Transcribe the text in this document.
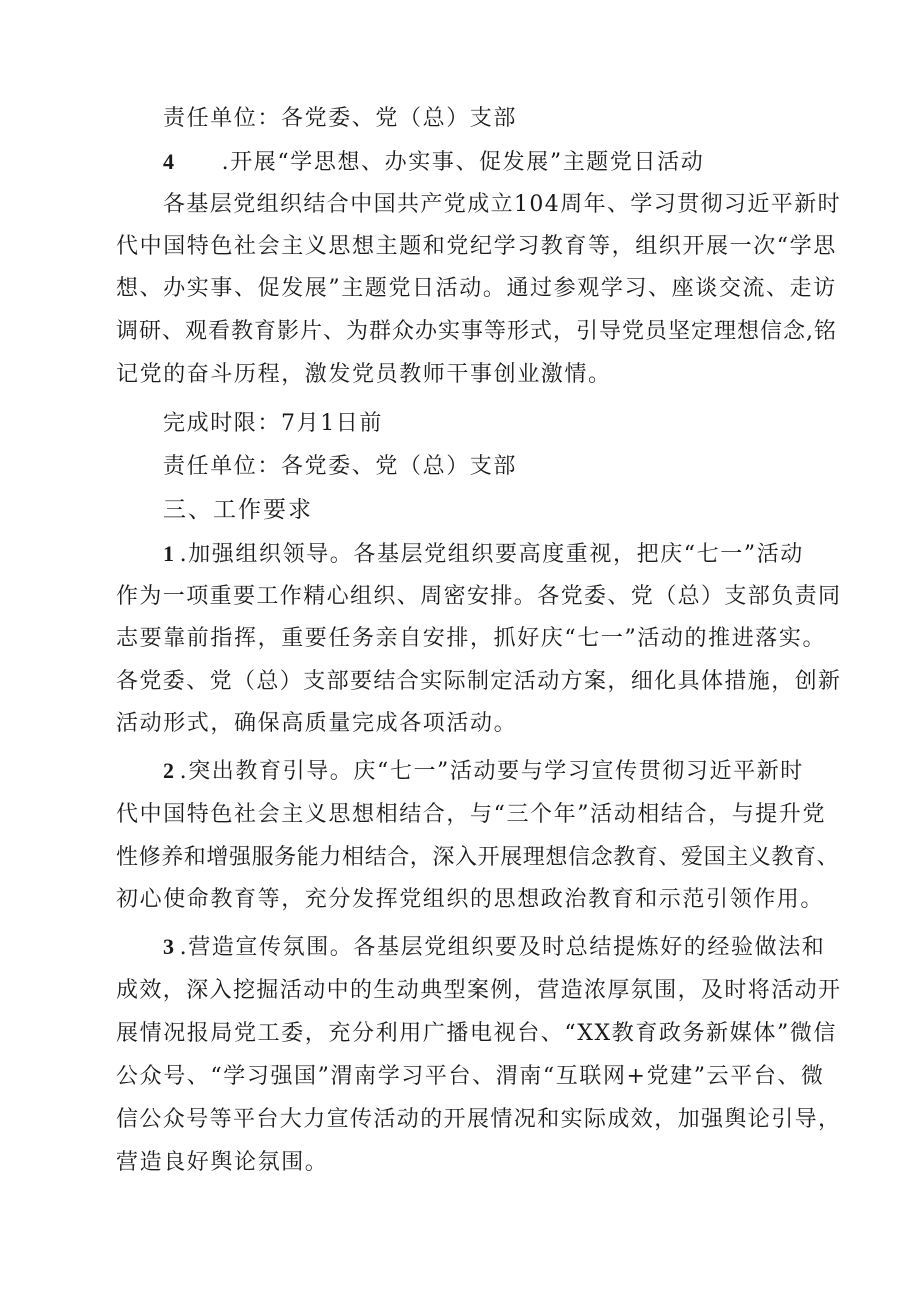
责任单位：各党委、党（总）支部
4 .开展“学思想、办实事、促发展”主题党日活动
各基层党组织结合中国共产党成立104周年、学习贯彻习近平新时
代中国特色社会主义思想主题和党纪学习教育等，组织开展一次“学思
想、办实事、促发展”主题党日活动。通过参观学习、座谈交流、走访
调研、观看教育影片、为群众办实事等形式，引导党员坚定理想信念,铭
记党的奋斗历程，激发党员教师干事创业激情。
完成时限：7月1日前
责任单位：各党委、党（总）支部
三、工作要求
1 .加强组织领导。各基层党组织要高度重视，把庆“七一”活动
作为一项重要工作精心组织、周密安排。各党委、党（总）支部负责同
志要靠前指挥，重要任务亲自安排，抓好庆“七一”活动的推进落实。
各党委、党（总）支部要结合实际制定活动方案，细化具体措施，创新
活动形式，确保高质量完成各项活动。
2 .突出教育引导。庆“七一”活动要与学习宣传贯彻习近平新时
代中国特色社会主义思想相结合，与“三个年”活动相结合，与提升党
性修养和增强服务能力相结合，深入开展理想信念教育、爱国主义教育、
初心使命教育等，充分发挥党组织的思想政治教育和示范引领作用。
3 .营造宣传氛围。各基层党组织要及时总结提炼好的经验做法和
成效，深入挖掘活动中的生动典型案例，营造浓厚氛围，及时将活动开
展情况报局党工委，充分利用广播电视台、“XX教育政务新媒体”微信
公众号、“学习强国”渭南学习平台、渭南“互联网+党建”云平台、微
信公众号等平台大力宣传活动的开展情况和实际成效，加强舆论引导，
营造良好舆论氛围。
